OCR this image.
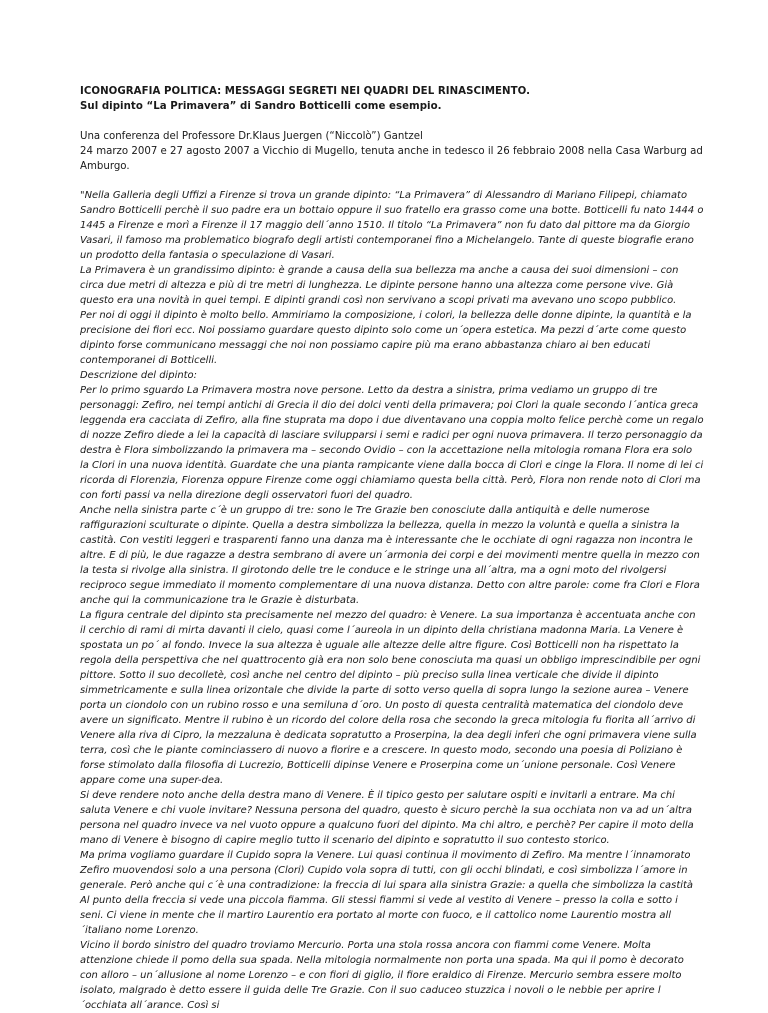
ICONOGRAFIA POLITICA: MESSAGGI SEGRETI NEI QUADRI DEL RINASCIMENTO.
Sul dipinto “La Primavera” di Sandro Botticelli come esempio.

Una conferenza del Professore Dr.Klaus Juergen (“Niccolò”) Gantzel

24 marzo 2007 e 27 agosto 2007 a Vicchio di Mugello, tenuta anche in tedesco il 26 febbraio 2008 nella Casa Warburg ad Amburgo.

"Nella Galleria degli Uffizi a Firenze si trova un grande dipinto: “La Primavera” di Alessandro di Mariano Filipepi, chiamato Sandro Botticelli perchè il suo padre era un bottaio oppure il suo fratello era grasso come una botte. Botticelli fu nato 1444 o 1445 a Firenze e morì a Firenze il 17 maggio dell´anno 1510. Il titolo “La Primavera” non fu dato dal pittore ma da Giorgio Vasari, il famoso ma problematico biografo degli artisti contemporanei fino a Michelangelo. Tante di queste biografie erano un prodotto della fantasia o speculazione di Vasari.

La Primavera è un grandissimo dipinto: è grande a causa della sua bellezza ma anche a causa dei suoi dimensioni – con circa due metri di altezza e più di tre metri di lunghezza. Le dipinte persone hanno una altezza come persone vive. Già questo era una novità in quei tempi. E dipinti grandi così non servivano a scopi privati ma avevano uno scopo pubblico.

Per noi di oggi il dipinto è molto bello. Ammiriamo la composizione, i colori, la bellezza delle donne dipinte, la quantità e la precisione dei fiori ecc. Noi possiamo guardare questo dipinto solo come un´opera estetica. Ma pezzi d´arte come questo dipinto forse communicano messaggi che noi non possiamo capire più ma erano abbastanza chiaro ai ben educati contemporanei di Botticelli.

Descrizione del dipinto:

Per lo primo sguardo La Primavera mostra nove persone. Letto da destra a sinistra, prima vediamo un gruppo di tre personaggi: Zefiro, nei tempi antichi di Grecia il dio dei dolci venti della primavera; poi Clori la quale secondo l´antica greca leggenda era cacciata di Zefiro, alla fine stuprata ma dopo i due diventavano una coppia molto felice perchè come un regalo di nozze Zefiro diede a lei la capacità di lasciare svilupparsi i semi e radici per ogni nuova primavera. Il terzo personaggio da destra è Flora simbolizzando la primavera ma – secondo Ovidio – con la accettazione nella mitologia romana Flora era solo la Clori in una nuova identità. Guardate che una pianta rampicante viene dalla bocca di Clori e cinge la Flora. Il nome di lei ci ricorda di Florenzia, Fiorenza oppure Firenze come oggi chiamiamo questa bella città. Però, Flora non rende noto di Clori ma con forti passi va nella direzione degli osservatori fuori del quadro.

Anche nella sinistra parte c´è un gruppo di tre: sono le Tre Grazie ben conosciute dalla antiquità e delle numerose raffigurazioni sculturate o dipinte. Quella a destra simbolizza la bellezza, quella in mezzo la voluntà e quella a sinistra la castità. Con vestiti leggeri e trasparenti fanno una danza ma è interessante che le occhiate di ogni ragazza non incontra le altre. E di più, le due ragazze a destra sembrano di avere un´armonia dei corpi e dei movimenti mentre quella in mezzo con la testa si rivolge alla sinistra. Il girotondo delle tre le conduce e le stringe una all´altra, ma a ogni moto del rivolgersi reciproco segue immediato il momento complementare di una nuova distanza. Detto con altre parole: come fra Clori e Flora anche qui la communicazione tra le Grazie è disturbata.

La figura centrale del dipinto sta precisamente nel mezzo del quadro: è Venere. La sua importanza è accentuata anche con il cerchio di rami di mirta davanti il cielo, quasi come l´aureola in un dipinto della christiana madonna Maria. La Venere è spostata un po´ al fondo. Invece la sua altezza è uguale alle altezze delle altre figure. Così Botticelli non ha rispettato la regola della perspettiva che nel quattrocento già era non solo bene conosciuta ma quasi un obbligo imprescindibile per ogni pittore. Sotto il suo decolletè, così anche nel centro del dipinto – più preciso sulla linea verticale che divide il dipinto simmetricamente e sulla linea orizontale che divide la parte di sotto verso quella di sopra lungo la sezione aurea – Venere porta un ciondolo con un rubino rosso e una semiluna d´oro. Un posto di questa centralità matematica del ciondolo deve avere un significato. Mentre il rubino è un ricordo del colore della rosa che secondo la greca mitologia fu fiorita all´arrivo di Venere alla riva di Cipro, la mezzaluna è dedicata sopratutto a Proserpina, la dea degli inferi che ogni primavera viene sulla terra, così che le piante cominciassero di nuovo a fiorire e a crescere. In questo modo, secondo una poesia di Poliziano è forse stimolato dalla filosofia di Lucrezio, Botticelli dipinse Venere e Proserpina come un´unione personale. Così Venere appare come una super-dea.

Si deve rendere noto anche della destra mano di Venere. È il tipico gesto per salutare ospiti e invitarli a entrare. Ma chi saluta Venere e chi vuole invitare? Nessuna persona del quadro, questo è sicuro perchè la sua occhiata non va ad un´altra persona nel quadro invece va nel vuoto oppure a qualcuno fuori del dipinto. Ma chi altro, e perchè? Per capire il moto della mano di Venere è bisogno di capire meglio tutto il scenario del dipinto e sopratutto il suo contesto storico.

Ma prima vogliamo guardare il Cupido sopra la Venere. Lui quasi continua il movimento di Zefiro. Ma mentre l´innamorato Zefiro muovendosi solo a una persona (Clori) Cupido vola sopra di tutti, con gli occhi blindati, e così simbolizza l´amore in generale. Però anche qui c´è una contradizione: la freccia di lui spara alla sinistra Grazie: a quella che simbolizza la castità

Al punto della freccia si vede una piccola fiamma. Gli stessi fiammi si vede al vestito di Venere – presso la colla e sotto i seni. Ci viene in mente che il martiro Laurentio era portato al morte con fuoco, e il cattolico nome Laurentio mostra all´italiano nome Lorenzo.

Vicino il bordo sinistro del quadro troviamo Mercurio. Porta una stola rossa ancora con fiammi come Venere. Molta attenzione chiede il pomo della sua spada. Nella mitologia normalmente non porta una spada. Ma qui il pomo è decorato con alloro – un´allusione al nome Lorenzo – e con fiori di giglio, il fiore eraldico di Firenze. Mercurio sembra essere molto isolato, malgrado è detto essere il guida delle Tre Grazie. Con il suo caduceo stuzzica i novoli o le nebbie per aprire l´occhiata all´arance. Così si
